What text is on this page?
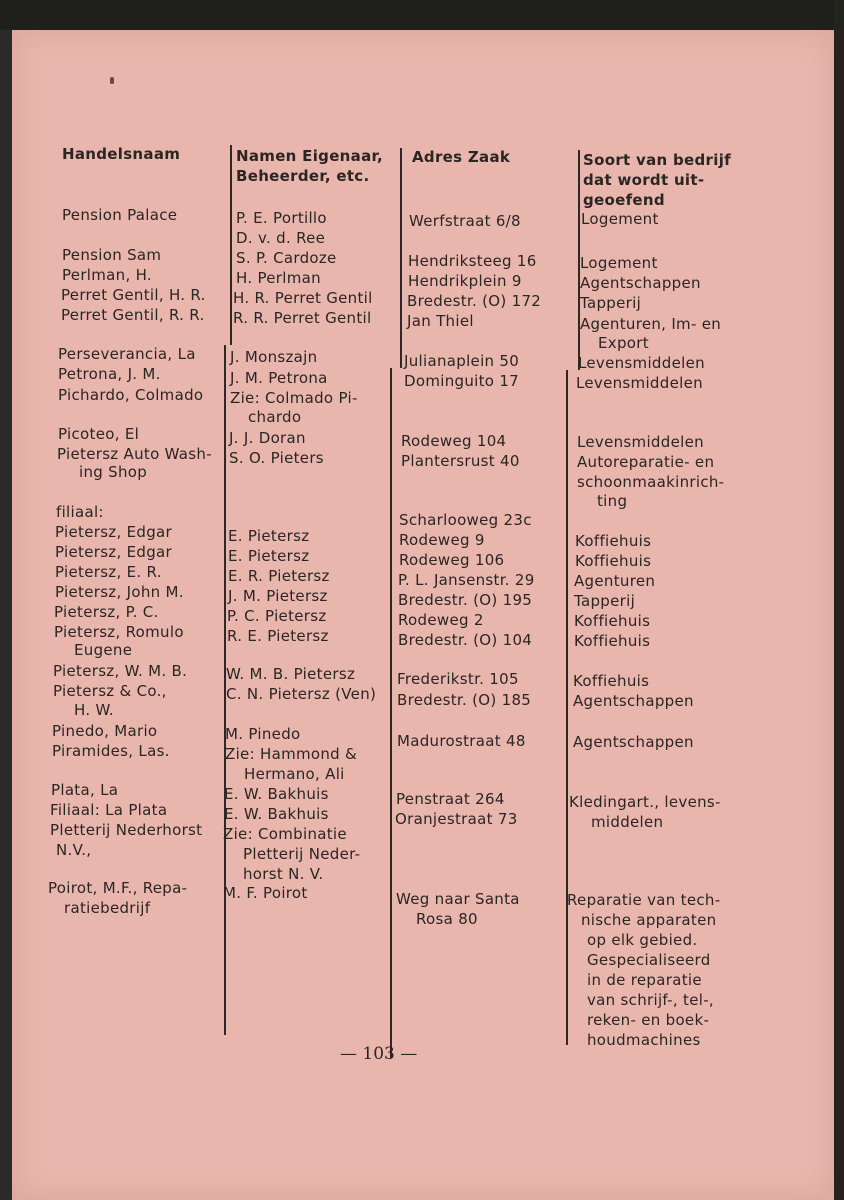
Handelsnaam
Pension Palace
Pension Sam
Perlman, H.
Perret Gentil, H. R.
Perret Gentil, R. R.
Perseverancia, La
Petrona, J. M.
Pichardo, Colmado
Picoteo, El
Pietersz Auto Wash-
ing Shop
filiaal:
Pietersz, Edgar
Pietersz, Edgar
Pietersz, E. R.
Pietersz, John M.
Pietersz, P. C.
Pietersz, Romulo
Eugene
Pietersz, W. M. B.
Pietersz & Co.,
H. W.
Pinedo, Mario
Piramides, Las.
Plata, La
Filiaal: La Plata
Pletterij Nederhorst
N.V.,
Poirot, M.F., Repa-
ratiebedrijf
Namen Eigenaar,
Beheerder, etc.
P. E. Portillo
D. v. d. Ree
S. P. Cardoze
H. Perlman
H. R. Perret Gentil
R. R. Perret Gentil
J. Monszajn
J. M. Petrona
Zie: Colmado Pi-
chardo
J. J. Doran
S. O. Pieters
E. Pietersz
E. Pietersz
E. R. Pietersz
J. M. Pietersz
P. C. Pietersz
R. E. Pietersz
W. M. B. Pietersz
C. N. Pietersz (Ven)
M. Pinedo
Zie: Hammond &
Hermano, Ali
E. W. Bakhuis
E. W. Bakhuis
Zie: Combinatie
Pletterij Neder-
horst N. V.
M. F. Poirot
Adres Zaak
Werfstraat 6/8
Hendriksteeg 16
Hendrikplein 9
Bredestr. (O) 172
Jan Thiel
Julianaplein 50
Dominguito 17
Rodeweg 104
Plantersrust 40
Scharlooweg 23c
Rodeweg 9
Rodeweg 106
P. L. Jansenstr. 29
Bredestr. (O) 195
Rodeweg 2
Bredestr. (O) 104
Frederikstr. 105
Bredestr. (O) 185
Madurostraat 48
Penstraat 264
Oranjestraat 73
Weg naar Santa
Rosa 80
Soort van bedrijf
dat wordt uit-
geoefend
Logement
Logement
Agentschappen
Tapperij
Agenturen, Im- en
Export
Levensmiddelen
Levensmiddelen
Levensmiddelen
Autoreparatie- en
schoonmaakinrich-
ting
Koffiehuis
Koffiehuis
Agenturen
Tapperij
Koffiehuis
Koffiehuis
Koffiehuis
Agentschappen
Agentschappen
Kledingart., levens-
middelen
Reparatie van tech-
nische apparaten
op elk gebied.
Gespecialiseerd
in de reparatie
van schrijf-, tel-,
reken- en boek-
houdmachines
— 103 —
